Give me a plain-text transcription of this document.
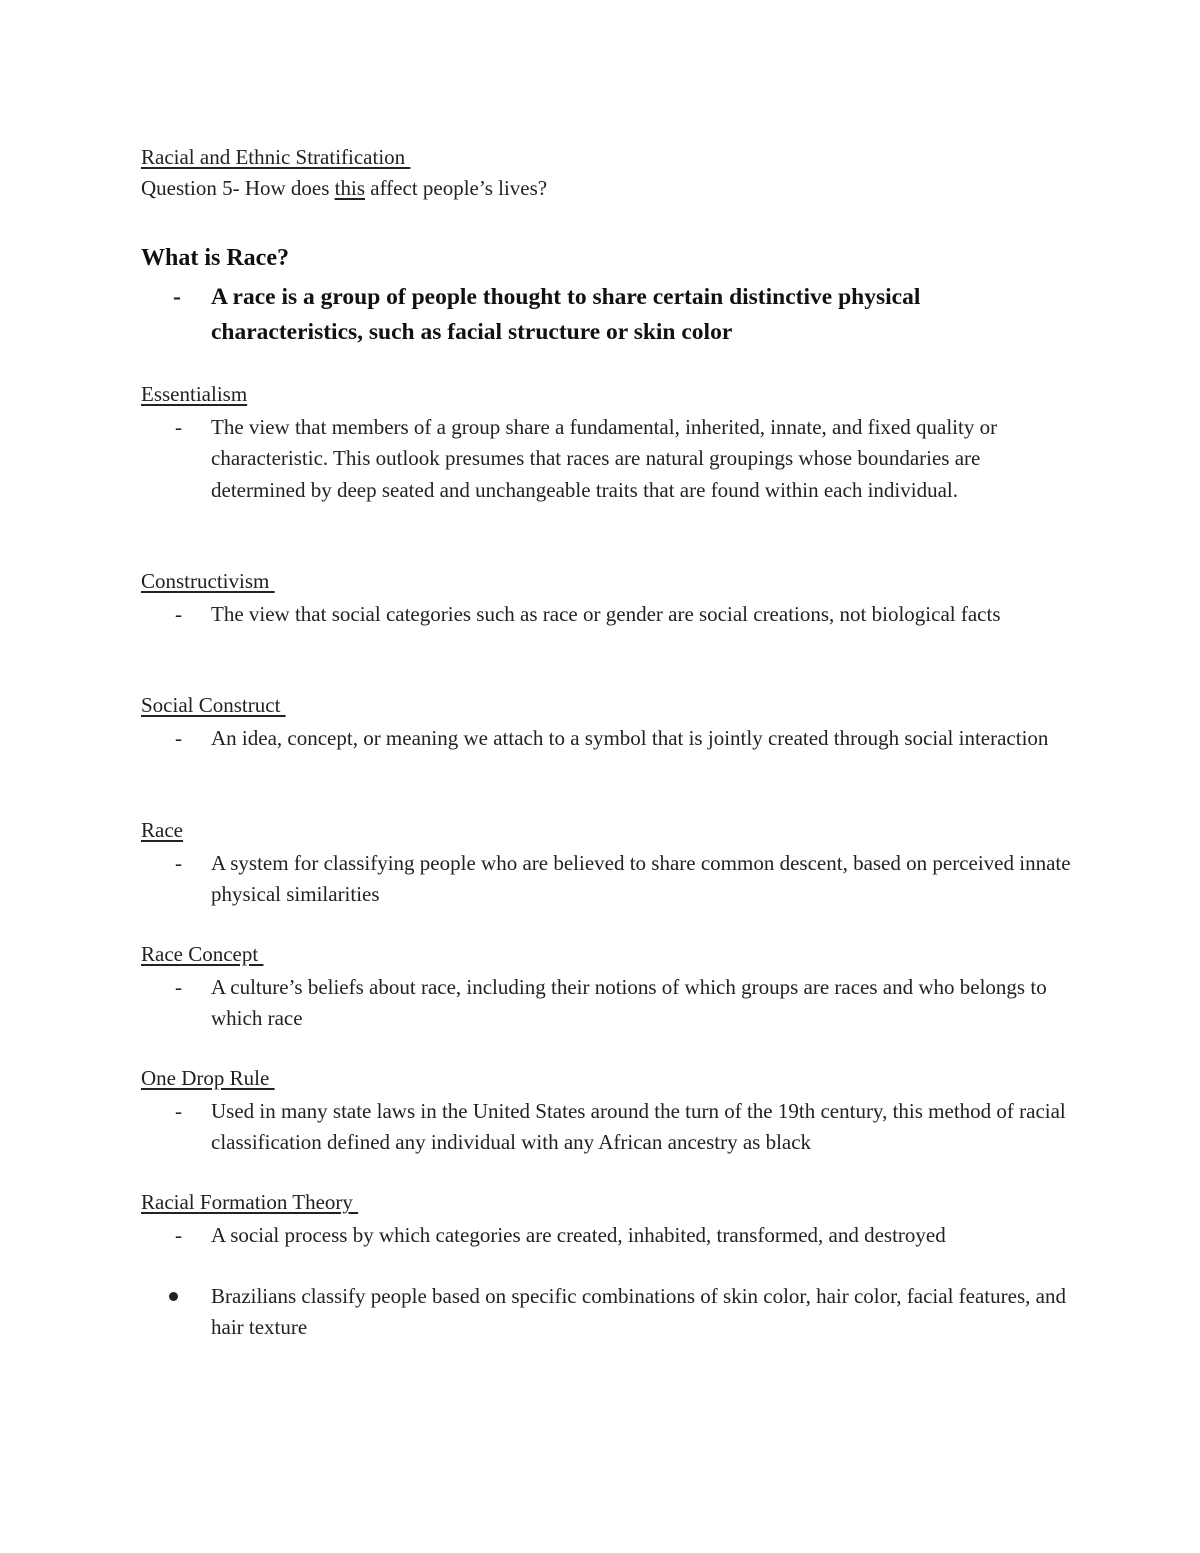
Racial and Ethnic Stratification
Question 5- How does this affect people’s lives?
What is Race?
- A race is a group of people thought to share certain distinctive physical characteristics, such as facial structure or skin color
Essentialism
- The view that members of a group share a fundamental, inherited, innate, and fixed quality or characteristic. This outlook presumes that races are natural groupings whose boundaries are determined by deep seated and unchangeable traits that are found within each individual.
Constructivism
- The view that social categories such as race or gender are social creations, not biological facts
Social Construct
- An idea, concept, or meaning we attach to a symbol that is jointly created through social interaction
Race
- A system for classifying people who are believed to share common descent, based on perceived innate physical similarities
Race Concept
- A culture’s beliefs about race, including their notions of which groups are races and who belongs to which race
One Drop Rule
- Used in many state laws in the United States around the turn of the 19th century, this method of racial classification defined any individual with any African ancestry as black
Racial Formation Theory
- A social process by which categories are created, inhabited, transformed, and destroyed
Brazilians classify people based on specific combinations of skin color, hair color, facial features, and hair texture
